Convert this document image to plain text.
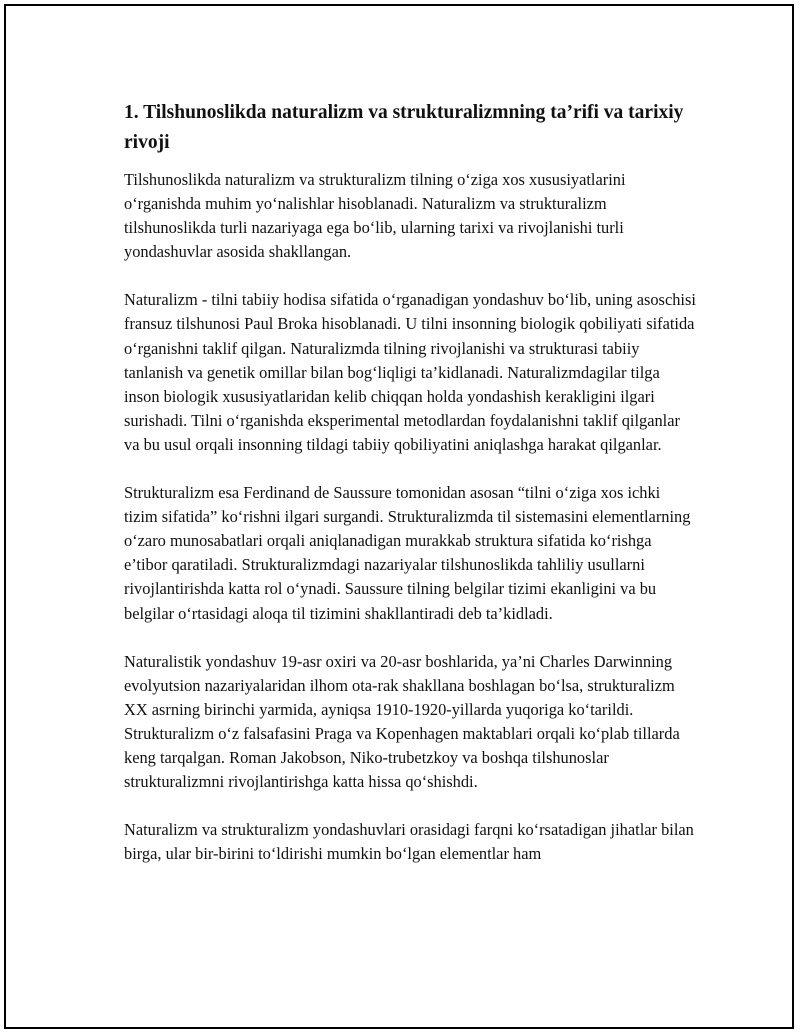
1. Tilshunoslikda naturalizm va strukturalizmning ta’rifi va tarixiy rivoji

Tilshunoslikda naturalizm va strukturalizm tilning o‘ziga xos xususiyatlarini o‘rganishda muhim yo‘nalishlar hisoblanadi. Naturalizm va strukturalizm tilshunoslikda turli nazariyaga ega bo‘lib, ularning tarixi va rivojlanishi turli yondashuvlar asosida shakllangan.

Naturalizm - tilni tabiiy hodisa sifatida o‘rganadigan yondashuv bo‘lib, uning asoschisi fransuz tilshunosi Paul Broka hisoblanadi. U tilni insonning biologik qobiliyati sifatida o‘rganishni taklif qilgan. Naturalizmda tilning rivojlanishi va strukturasi tabiiy tanlanish va genetik omillar bilan bog‘liqligi ta’kidlanadi. Naturalizmdagilar tilga inson biologik xususiyatlaridan kelib chiqqan holda yondashish kerakligini ilgari surishadi. Tilni o‘rganishda eksperimental metodlardan foydalanishni taklif qilganlar va bu usul orqali insonning tildagi tabiiy qobiliyatini aniqlashga harakat qilganlar.

Strukturalizm esa Ferdinand de Saussure tomonidan asosan “tilni o‘ziga xos ichki tizim sifatida” ko‘rishni ilgari surgandi. Strukturalizmda til sistemasini elementlarning o‘zaro munosabatlari orqali aniqlanadigan murakkab struktura sifatida ko‘rishga e’tibor qaratiladi. Strukturalizmdagi nazariyalar tilshunoslikda tahliliy usullarni rivojlantirishda katta rol o‘ynadi. Saussure tilning belgilar tizimi ekanligini va bu belgilar o‘rtasidagi aloqa til tizimini shakllantiradi deb ta’kidladi.

Naturalistik yondashuv 19-asr oxiri va 20-asr boshlarida, ya’ni Charles Darwinning evolyutsion nazariyalaridan ilhom ota-rak shakllana boshlagan bo‘lsa, strukturalizm XX asrning birinchi yarmida, ayniqsa 1910-1920-yillarda yuqoriga ko‘tarildi. Strukturalizm o‘z falsafasini Praga va Kopenhagen maktablari orqali ko‘plab tillarda keng tarqalgan. Roman Jakobson, Niko-trubetzkoy va boshqa tilshunoslar strukturalizmni rivojlantirishga katta hissa qo‘shishdi.

Naturalizm va strukturalizm yondashuvlari orasidagi farqni ko‘rsatadigan jihatlar bilan birga, ular bir-birini to‘ldirishi mumkin bo‘lgan elementlar ham
